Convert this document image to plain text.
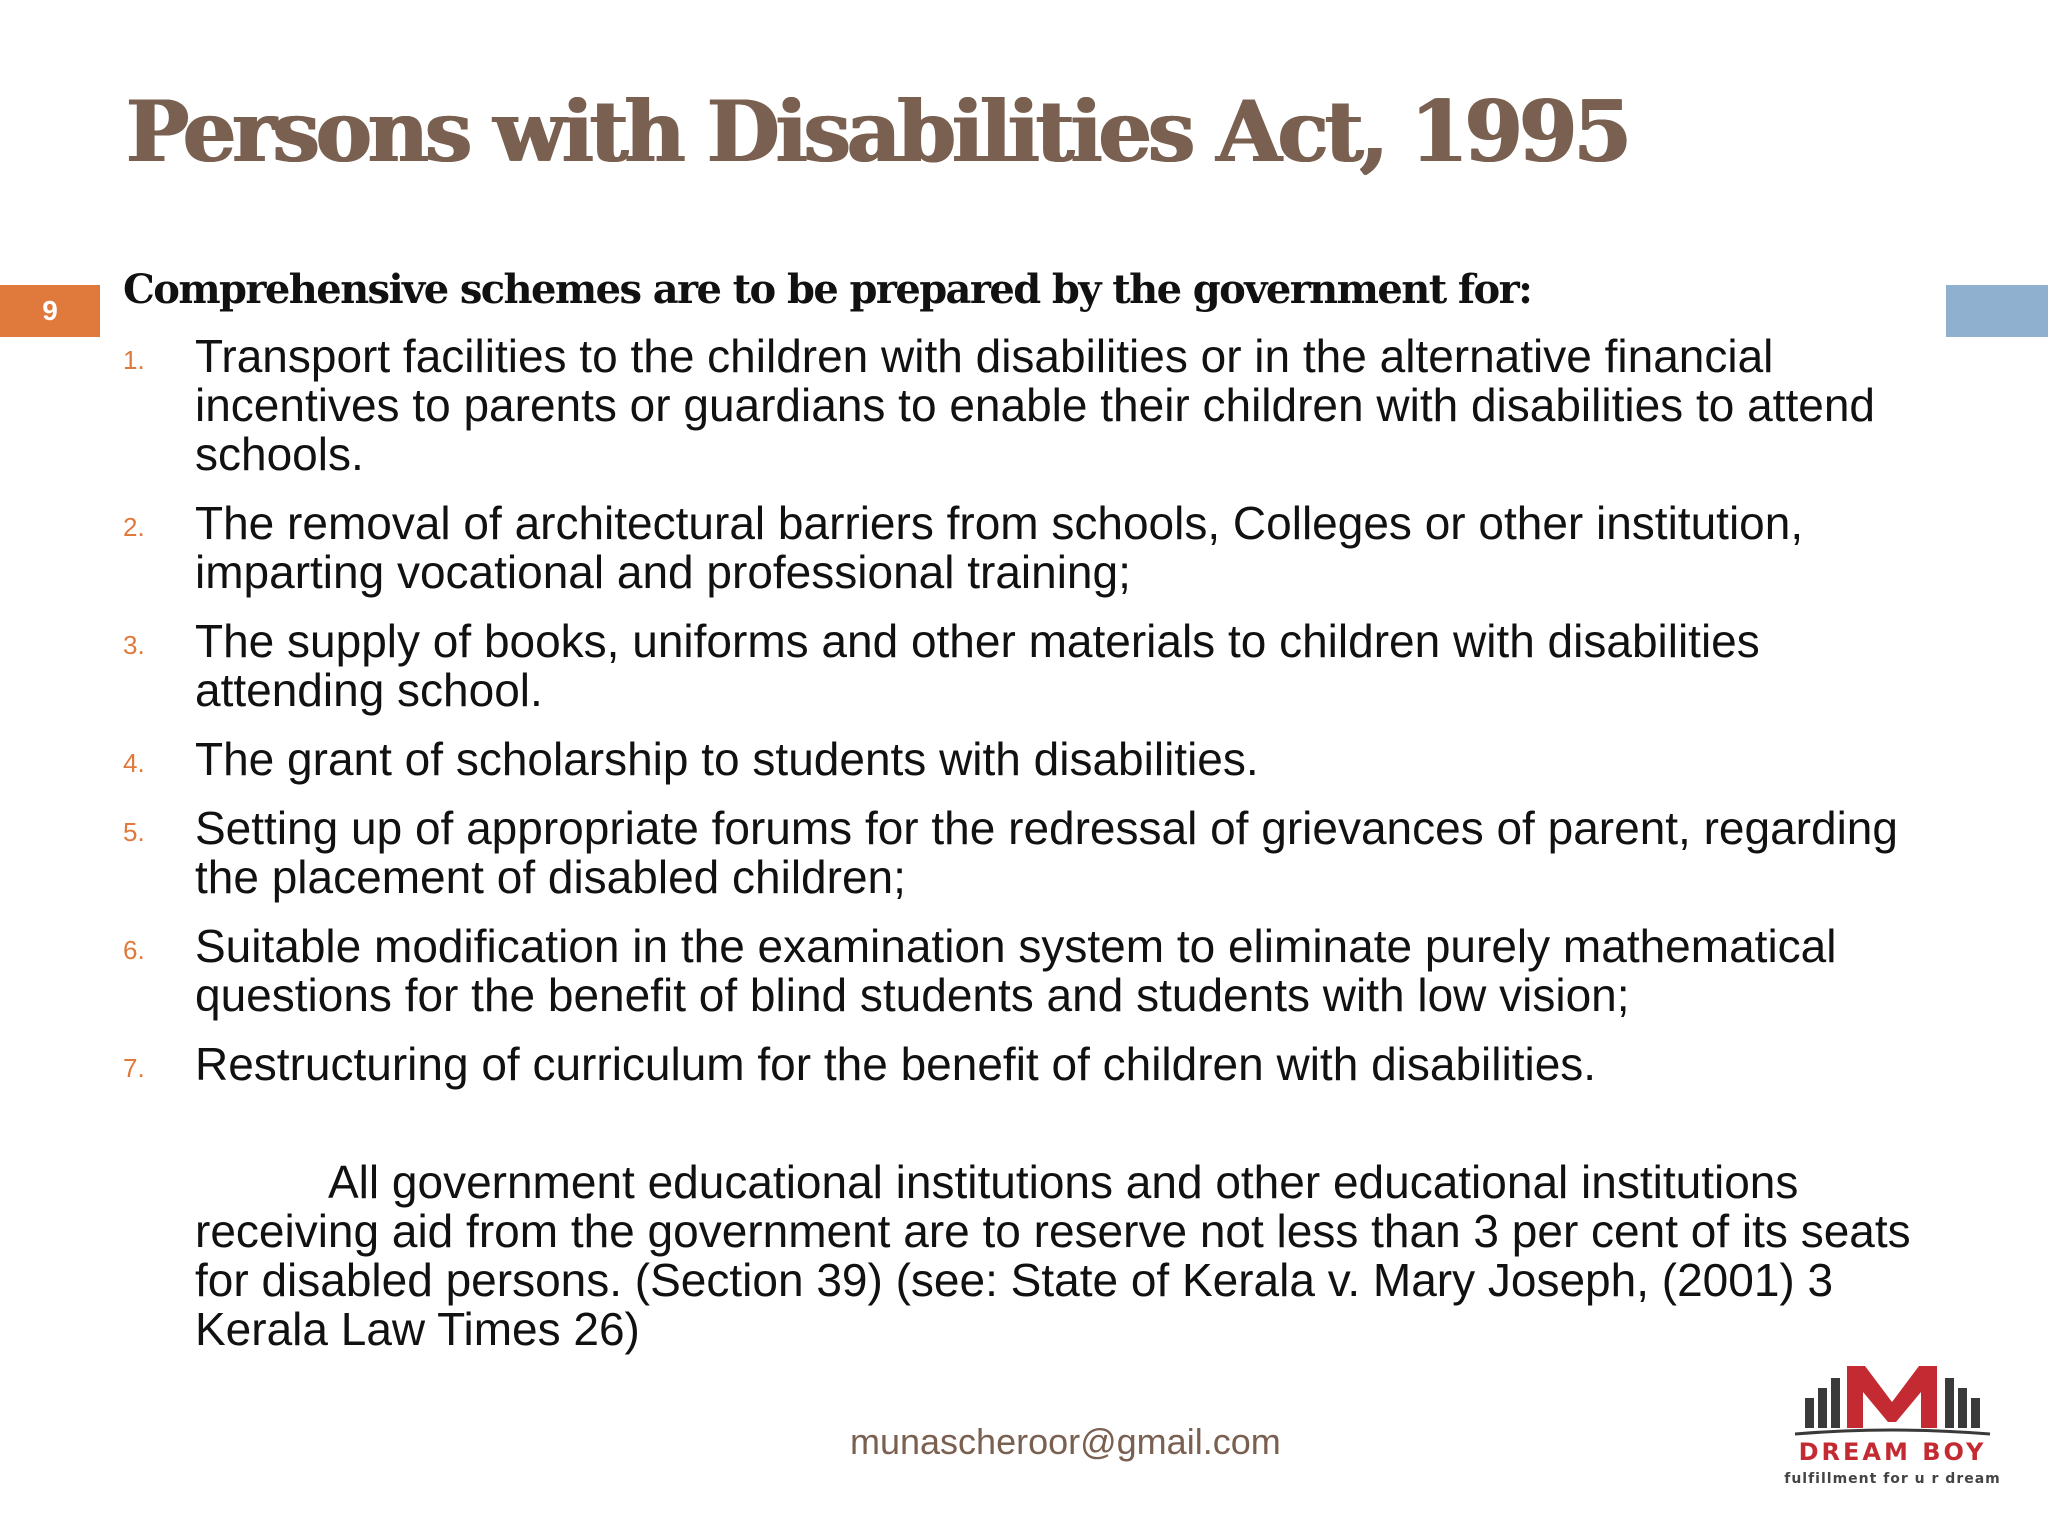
Persons with Disabilities Act, 1995
9	Comprehensive schemes are to be prepared by the government for:

1. Transport facilities to the children with disabilities or in the alternative financial incentives to parents or guardians to enable their children with disabilities to attend schools.
2. The removal of architectural barriers from schools, Colleges or other institution, imparting vocational and professional training;
3. The supply of books, uniforms and other materials to children with disabilities attending school.
4. The grant of scholarship to students with disabilities.
5. Setting up of appropriate forums for the redressal of grievances of parent, regarding the placement of disabled children;
6. Suitable modification in the examination system to eliminate purely mathematical questions for the benefit of blind students and students with low vision;
7. Restructuring of curriculum for the benefit of children with disabilities.

All government educational institutions and other educational institutions receiving aid from the government are to reserve not less than 3 per cent of its seats for disabled persons. (Section 39) (see: State of Kerala v. Mary Joseph, (2001) 3 Kerala Law Times 26)

munascheroor@gmail.com	DREAM BOY
fulfillment for u r dream
